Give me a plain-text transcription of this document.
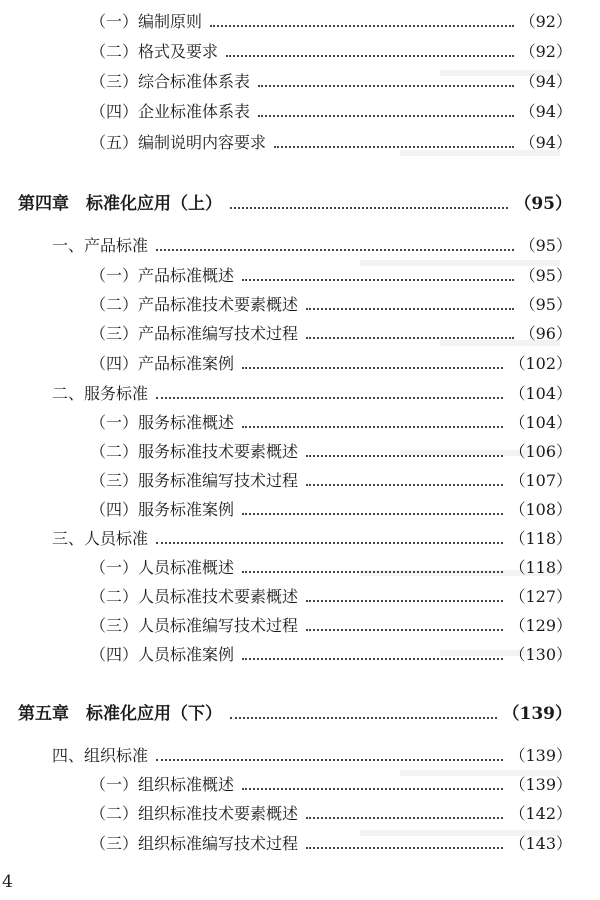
（一）编制原则	（92）
（二）格式及要求	（92）
（三）综合标准体系表	（94）
（四）企业标准体系表	（94）
（五）编制说明内容要求	（94）
第四章　标准化应用（上）	（95）
一、产品标准	（95）
（一）产品标准概述	（95）
（二）产品标准技术要素概述	（95）
（三）产品标准编写技术过程	（96）
（四）产品标准案例	（102）
二、服务标准	（104）
（一）服务标准概述	（104）
（二）服务标准技术要素概述	（106）
（三）服务标准编写技术过程	（107）
（四）服务标准案例	（108）
三、人员标准	（118）
（一）人员标准概述	（118）
（二）人员标准技术要素概述	（127）
（三）人员标准编写技术过程	（129）
（四）人员标准案例	（130）
第五章　标准化应用（下）	（139）
四、组织标准	（139）
（一）组织标准概述	（139）
（二）组织标准技术要素概述	（142）
（三）组织标准编写技术过程	（143）
4
